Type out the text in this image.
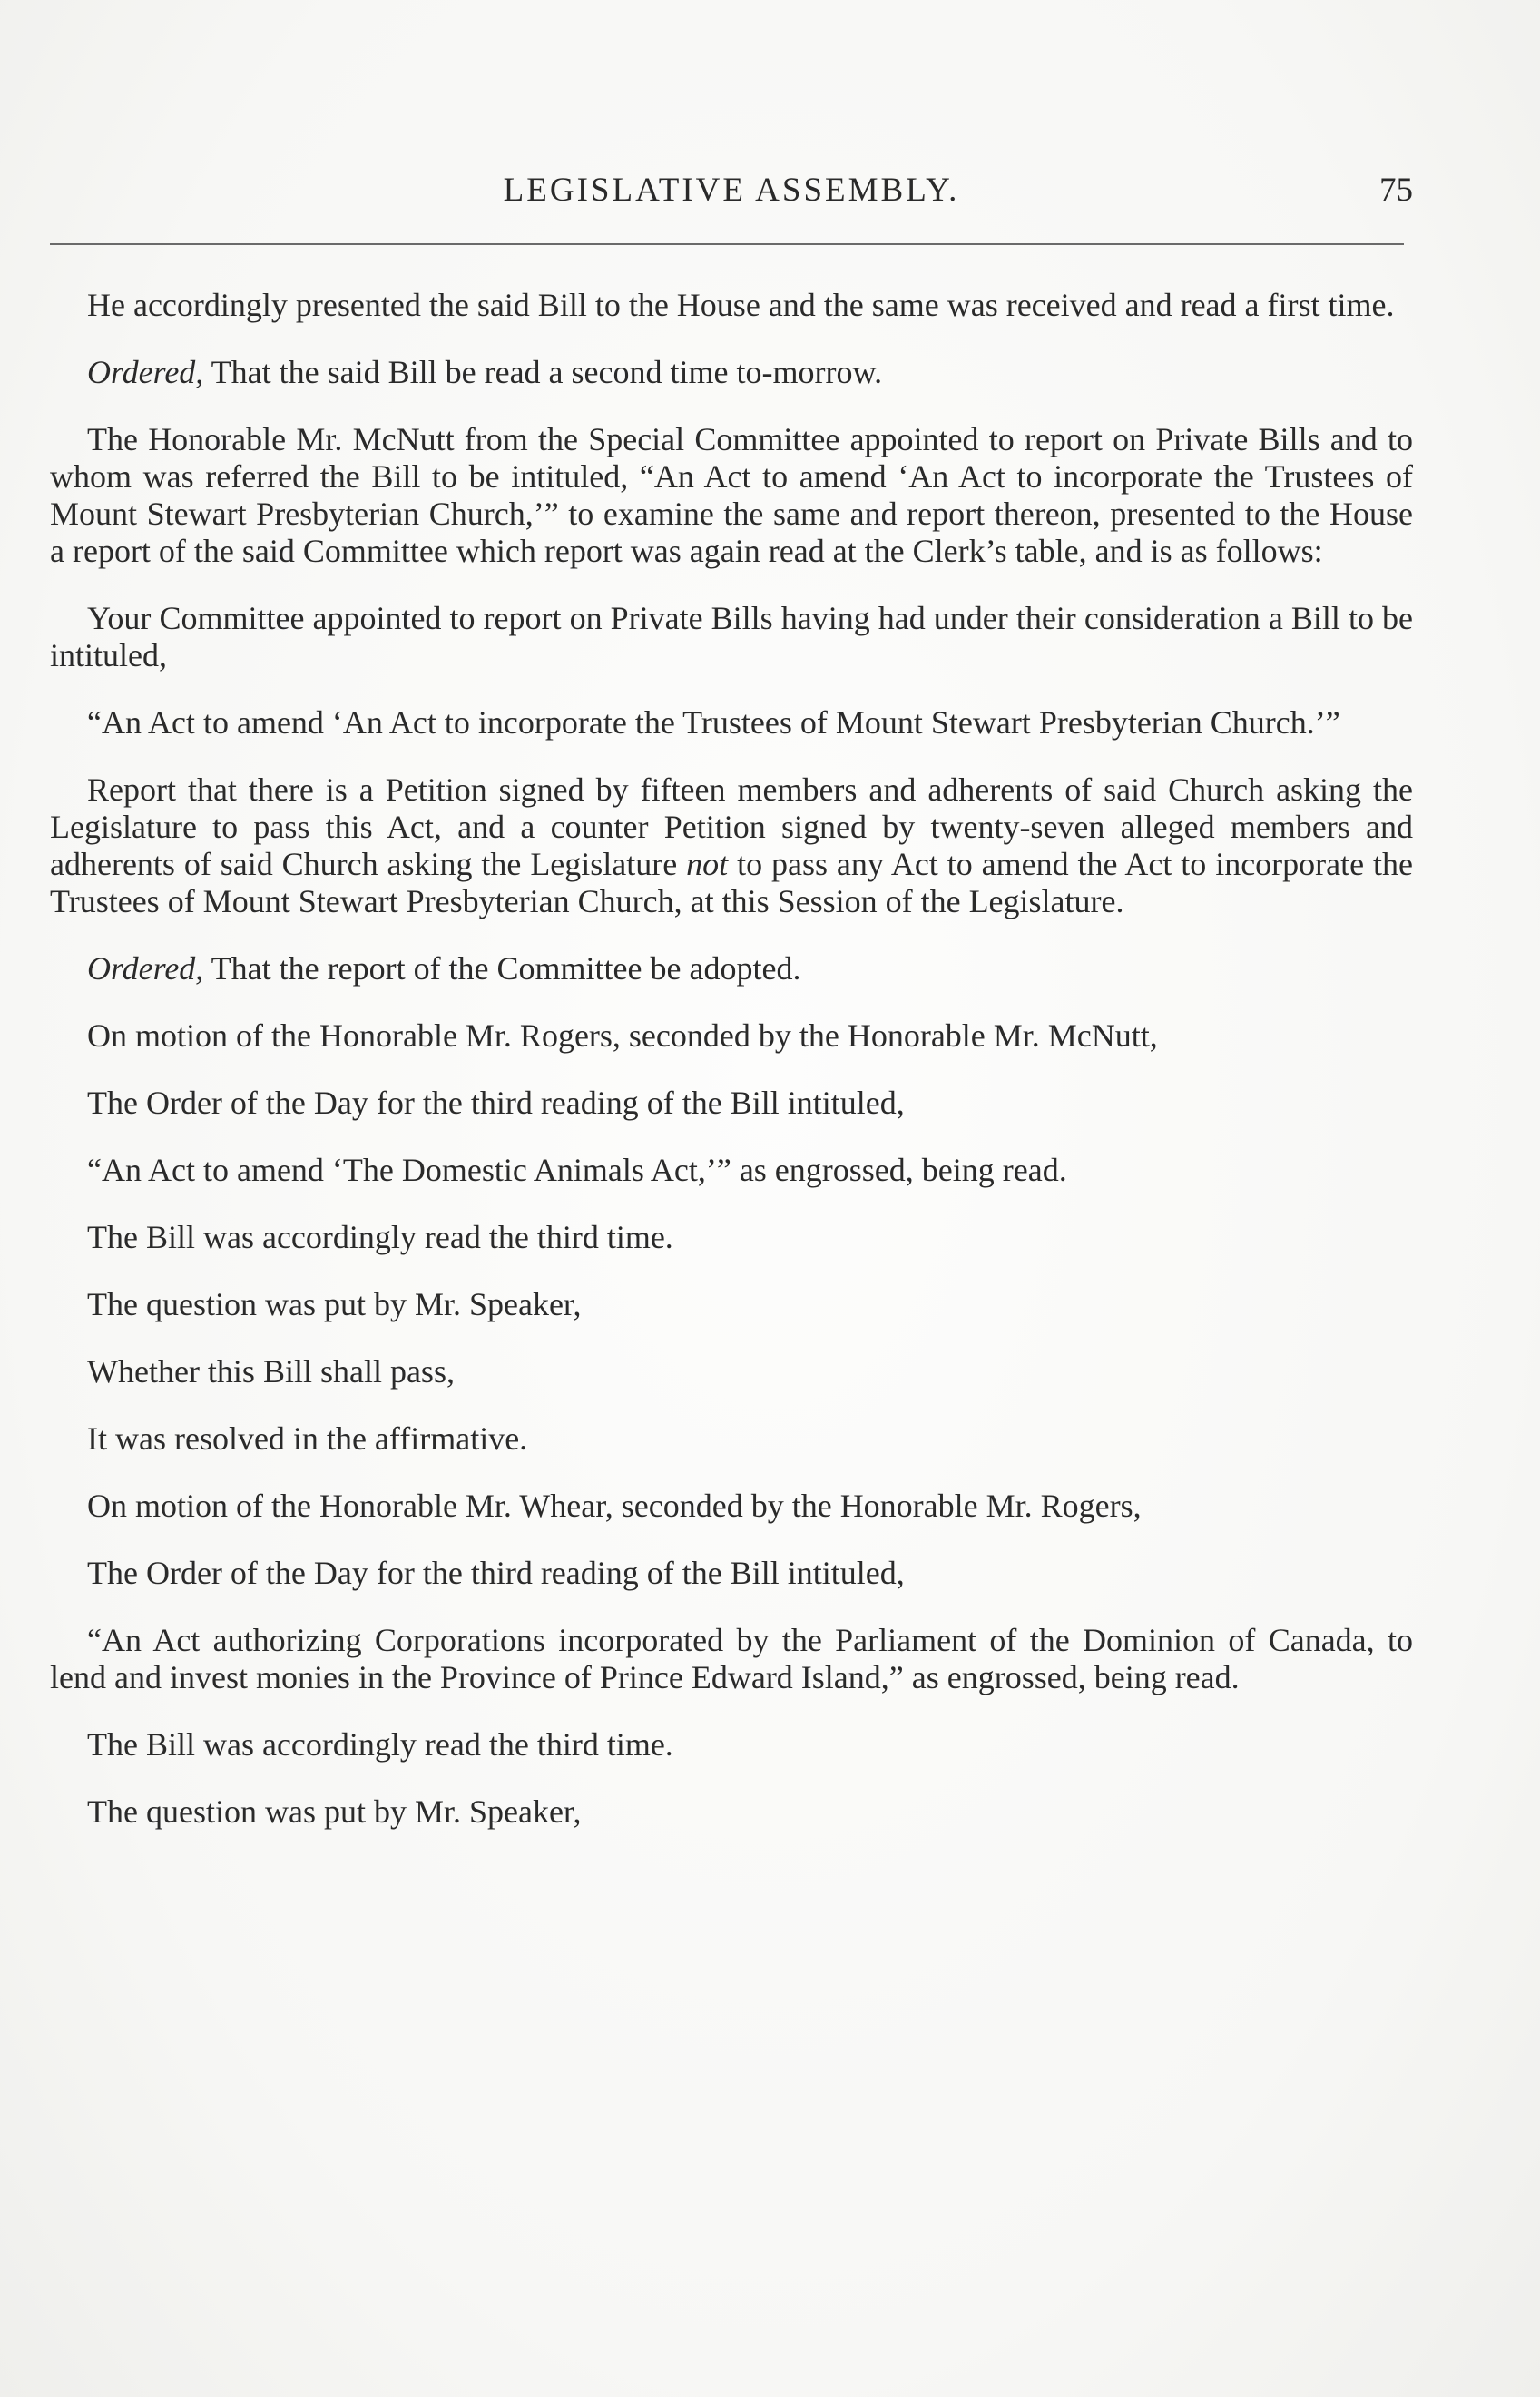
LEGISLATIVE ASSEMBLY.	75

He accordingly presented the said Bill to the House and the same was received and read a first time.

Ordered, That the said Bill be read a second time to-morrow.

The Honorable Mr. McNutt from the Special Committee appointed to report on Private Bills and to whom was referred the Bill to be intituled, “An Act to amend ‘An Act to incorporate the Trustees of Mount Stewart Presbyterian Church,’” to examine the same and report thereon, presented to the House a report of the said Committee which report was again read at the Clerk’s table, and is as follows:

Your Committee appointed to report on Private Bills having had under their consideration a Bill to be intituled,

“An Act to amend ‘An Act to incorporate the Trustees of Mount Stewart Presbyterian Church.’”

Report that there is a Petition signed by fifteen members and adherents of said Church asking the Legislature to pass this Act, and a counter Petition signed by twenty-seven alleged members and adherents of said Church asking the Legislature not to pass any Act to amend the Act to incorporate the Trustees of Mount Stewart Presbyterian Church, at this Session of the Legislature.

Ordered, That the report of the Committee be adopted.

On motion of the Honorable Mr. Rogers, seconded by the Honorable Mr. McNutt,

The Order of the Day for the third reading of the Bill intituled,

“An Act to amend ‘The Domestic Animals Act,’” as engrossed, being read.

The Bill was accordingly read the third time.

The question was put by Mr. Speaker,

Whether this Bill shall pass,

It was resolved in the affirmative.

On motion of the Honorable Mr. Whear, seconded by the Honorable Mr. Rogers,

The Order of the Day for the third reading of the Bill intituled,

“An Act authorizing Corporations incorporated by the Parliament of the Dominion of Canada, to lend and invest monies in the Province of Prince Edward Island,” as engrossed, being read.

The Bill was accordingly read the third time.

The question was put by Mr. Speaker,
